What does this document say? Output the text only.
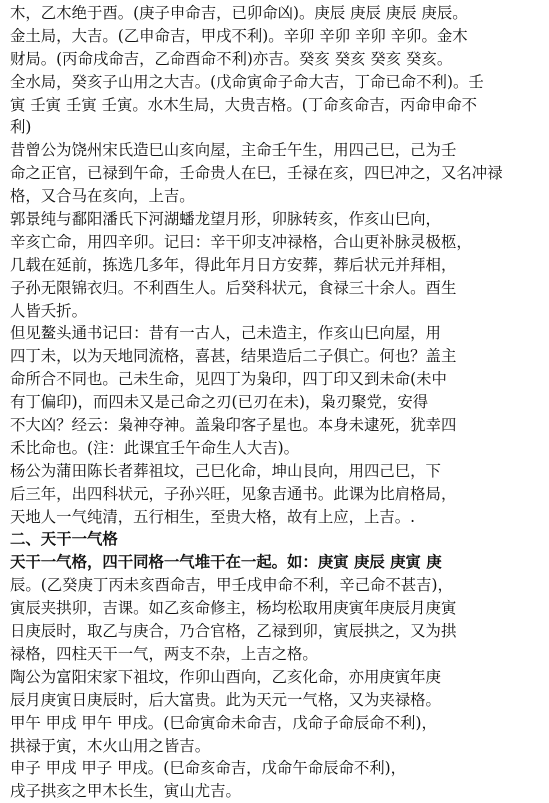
木，乙木绝于酉。(庚子申命吉，已卯命凶)。庚辰 庚辰 庚辰 庚辰。
金土局，大吉。(乙申命吉，甲戌不利)。辛卯 辛卯 辛卯 辛卯。金木
财局。(丙命戌命吉，乙命酉命不利)亦吉。癸亥 癸亥 癸亥 癸亥。
全水局，癸亥子山用之大吉。(戊命寅命子命大吉，丁命已命不利)。壬
寅 壬寅 壬寅 壬寅。水木生局，大贵吉格。(丁命亥命吉，丙命申命不
利)
昔曾公为饶州宋氏造巳山亥向屋，主命壬午生，用四己巳，己为壬
命之正官，已禄到午命，壬命贵人在巳，壬禄在亥，四巳冲之，又名冲禄
格，又合马在亥向，上吉。
郭景纯与鄱阳潘氏下河湖蟠龙望月形，卯脉转亥，作亥山巳向，
辛亥亡命，用四辛卯。记曰：辛干卯支冲禄格，合山更补脉灵极柩，
几载在延前，拣选几多年，得此年月日方安葬，葬后状元并拜相，
子孙无限锦衣归。不利酉生人。后癸科状元，食禄三十余人。酉生
人皆夭折。
但见鳌头通书记曰：昔有一古人，己未造主，作亥山巳向屋，用
四丁未，以为天地同流格，喜甚，结果造后二子俱亡。何也？盖主
命所合不同也。己未生命，见四丁为枭印，四丁印又到未命(未中
有丁偏印)，而四未又是己命之刃(已刃在未)，枭刃聚党，安得
不大凶？经云：枭神夺神。盖枭印客子星也。本身未逮死，犹幸四
禾比命也。(注：此课宜壬午命生人大吉)。
杨公为蒲田陈长者葬祖坟，己巳化命，坤山艮向，用四己巳，下
后三年，出四科状元，子孙兴旺，见象吉通书。此课为比肩格局，
天地人一气纯清，五行相生，至贵大格，故有上应，上吉。.
二、天干一气格
天干一气格，四干同格一气堆干在一起。如：庚寅 庚辰 庚寅 庚
辰。(乙癸庚丁丙未亥酉命吉，甲壬戌申命不利，辛己命不甚吉)，
寅辰夹拱卯，吉课。如乙亥命修主，杨均松取用庚寅年庚辰月庚寅
日庚辰时，取乙与庚合，乃合官格，乙禄到卯，寅辰拱之，又为拱
禄格，四柱天干一气，两支不杂，上吉之格。
陶公为富阳宋家下祖坟，作卯山酉向，乙亥化命，亦用庚寅年庚
辰月庚寅日庚辰时，后大富贵。此为天元一气格，又为夹禄格。
甲午 甲戌 甲午 甲戌。(巳命寅命未命吉，戊命子命辰命不利)，
拱禄于寅，木火山用之皆吉。
申子 甲戌 甲子 甲戌。(巳命亥命吉，戊命午命辰命不利)，
戌子拱亥之甲木长生，寅山尤吉。
